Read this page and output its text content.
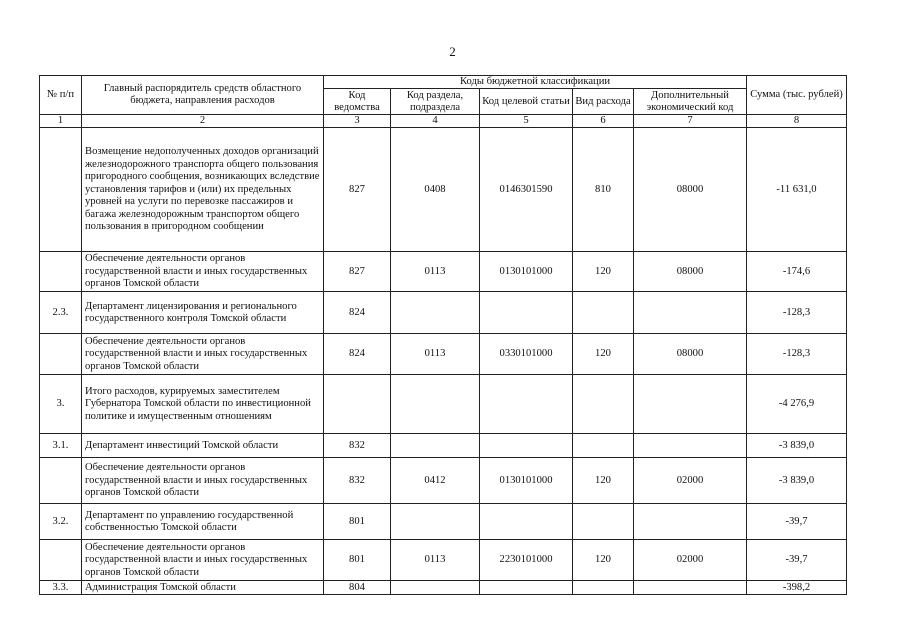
2
№ п/п	Главный распорядитель средств областного бюджета, направления расходов	Коды бюджетной классификации					Сумма (тыс. рублей)
		Код ведомства	Код раздела, подраздела	Код целевой статьи	Вид расхода	Дополнительный экономический код	
1	2	3	4	5	6	7	8
	Возмещение недополученных доходов организаций железнодорожного транспорта общего пользования пригородного сообщения, возникающих вследствие установления тарифов и (или) их предельных уровней на услуги по перевозке пассажиров и багажа железнодорожным транспортом общего пользования в пригородном сообщении	827	0408	0146301590	810	08000	-11 631,0
	Обеспечение деятельности органов государственной власти и иных государственных органов Томской области	827	0113	0130101000	120	08000	-174,6
2.3.	Департамент лицензирования и регионального государственного контроля Томской области	824					-128,3
	Обеспечение деятельности органов государственной власти и иных государственных органов Томской области	824	0113	0330101000	120	08000	-128,3
3.	Итого расходов, курируемых заместителем Губернатора Томской области по инвестиционной политике и имущественным отношениям						-4 276,9
3.1.	Департамент инвестиций Томской области	832					-3 839,0
	Обеспечение деятельности органов государственной власти и иных государственных органов Томской области	832	0412	0130101000	120	02000	-3 839,0
3.2.	Департамент по управлению государственной собственностью Томской области	801					-39,7
	Обеспечение деятельности органов государственной власти и иных государственных органов Томской области	801	0113	2230101000	120	02000	-39,7
3.3.	Администрация Томской области	804					-398,2
